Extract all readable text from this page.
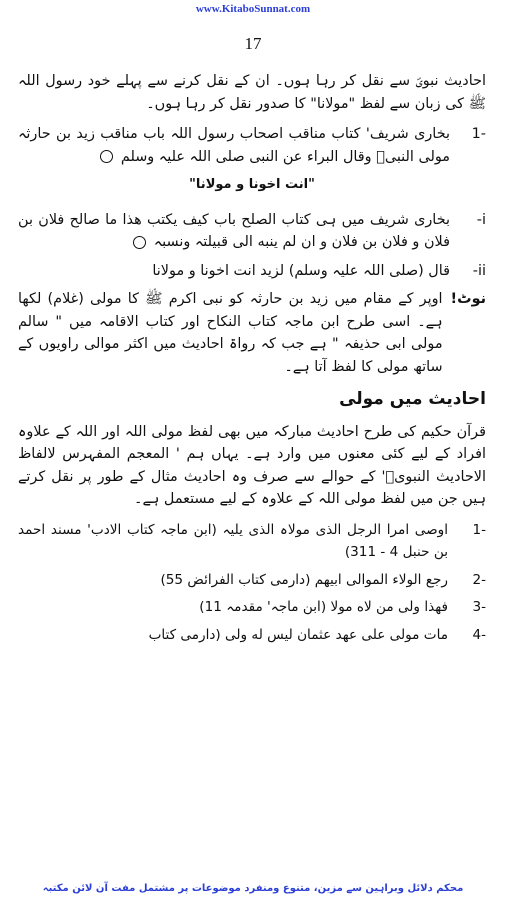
www.KitaboSunnat.com
17

احادیث نبویؐ سے نقل کر رہا ہوں۔ ان کے نقل کرنے سے پہلے خود رسول اللہ ﷺ کی زبان سے لفظ "مولانا" کا صدور نقل کر رہا ہوں۔

-1
بخاری شریف' کتاب مناقب اصحاب رسول اللہ باب مناقب زید بن حارثہ مولی النبیؐ وقال البراء عن النبی صلی اللہ علیہ وسلم
"انت اخونا و مولانا"
i-
بخاری شریف میں ہی کتاب الصلح باب کیف یکتب ھذا ما صالح فلان بن فلان و فلان بن فلان و ان لم ینبه الی قبیلتہ ونسبہ
ii-
قال (صلی اللہ علیہ وسلم) لزید انت اخونا و مولانا
نوٹ!
اوپر کے مقام میں زید بن حارثہ کو نبی اکرم ﷺ کا مولی (غلام) لکھا ہے۔ اسی طرح ابن ماجہ کتاب النکاح اور کتاب الاقامہ میں " سالم مولی ابی حذیفہ " ہے جب کہ رواۃ احادیث میں اکثر موالی راویوں کے ساتھ مولی کا لفظ آتا ہے۔
احادیث میں مولی

قرآن حکیم کی طرح احادیث مبارکہ میں بھی لفظ مولی اللہ اور اللہ کے علاوہ افراد کے لیے کئی معنوں میں وارد ہے۔ یہاں ہم ' المعجم المفہرس لالفاظ الاحادیث النبویؐ' کے حوالے سے صرف وہ احادیث مثال کے طور پر نقل کرتے ہیں جن میں لفظ مولی اللہ کے علاوہ کے لیے مستعمل ہے۔

-1
اوصی امرا الرجل الذی مولاہ الذی یلیہ (ابن ماجہ کتاب الادب' مسند احمد بن حنبل 4 - 311)
-2
رجع الولاء الموالی ابیهم (دارمی کتاب الفرائض 55)
-3
فهذا ولی من لاه مولا (ابن ماجہ' مقدمہ 11)
-4
مات مولی علی عهد عثمان لیس له ولی (دارمی کتاب
محکم دلائل وبراہین سے مزین، متنوع ومنفرد موضوعات پر مشتمل مفت آن لائن مکتبہ
